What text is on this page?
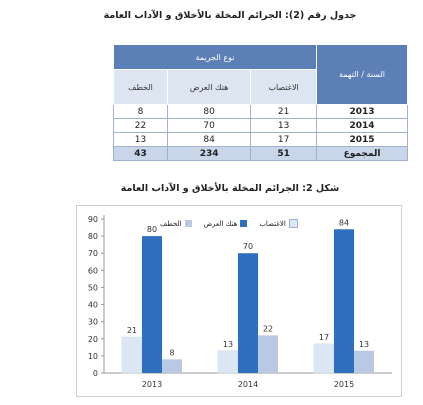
جدول رقم (2): الجرائم المخلة بالأخلاق و الآداب العامة
السنة / التهمة	نوع الجريمة		
	الاغتصاب	هتك العرض	الخطف
2013	21	80	8
2014	13	70	22
2015	17	84	13
المجموع	51	234	43
شكل 2: الجرائم المخلة بالأخلاق و الآداب العامة
الاغتصاب
هتك العرض
الخطف
0
10
20
30
40
50
60
70
80
90
21
80
8
2013
13
70
22
2014
17
84
13
2015
